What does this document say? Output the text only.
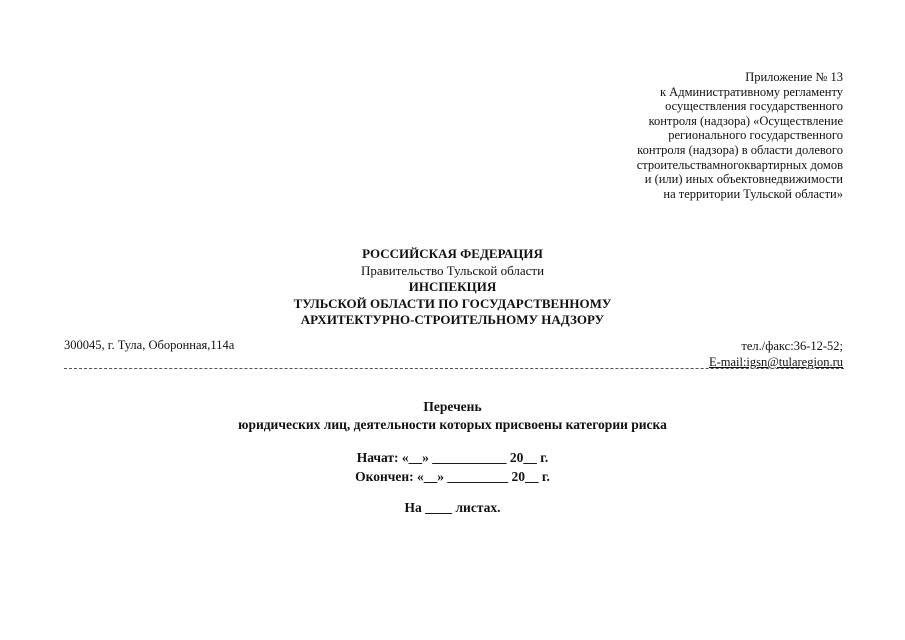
Приложение № 13
к Административному регламенту
осуществления государственного
контроля (надзора) «Осуществление
регионального государственного
контроля (надзора) в области долевого
строительствамногоквартирных домов
и (или) иных объектовнедвижимости
на территории Тульской области»
РОССИЙСКАЯ ФЕДЕРАЦИЯ
Правительство Тульской области
ИНСПЕКЦИЯ
ТУЛЬСКОЙ ОБЛАСТИ ПО ГОСУДАРСТВЕННОМУ
АРХИТЕКТУРНО-СТРОИТЕЛЬНОМУ НАДЗОРУ
300045, г. Тула, Оборонная,114а	тел./факс:36-12-52;
E-mail:igsn@tularegion.ru
Перечень
юридических лиц, деятельности которых присвоены категории риска
Начат: «__» ___________ 20__ г.
Окончен: «__» _________ 20__ г.
На ____ листах.
